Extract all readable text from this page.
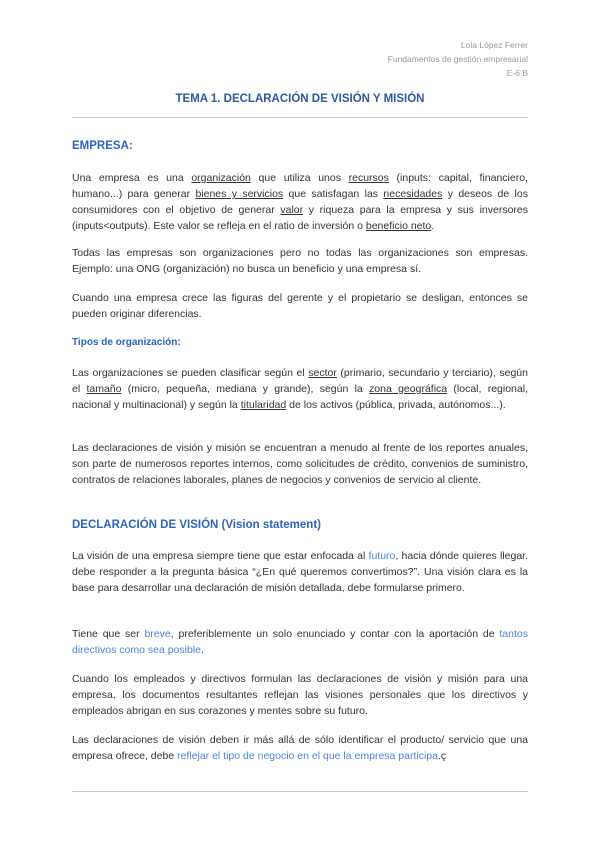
Lola López Ferrer
Fundamentos de gestión empresarial
E-6 B
TEMA 1. DECLARACIÓN DE VISIÓN Y MISIÓN
EMPRESA:

Una empresa es una organización que utiliza unos recursos (inputs: capital, financiero, humano...) para generar bienes y servicios que satisfagan las necesidades y deseos de los consumidores con el objetivo de generar valor y riqueza para la empresa y sus inversores (inputs<outputs). Este valor se refleja en el ratio de inversión o beneficio neto.

Todas las empresas son organizaciones pero no todas las organizaciones son empresas. Ejemplo: una ONG (organización) no busca un beneficio y una empresa sí.

Cuando una empresa crece las figuras del gerente y el propietario se desligan, entonces se pueden originar diferencias.

Tipos de organización:

Las organizaciones se pueden clasificar según el sector (primario, secundario y terciario), según el tamaño (micro, pequeña, mediana y grande), según la zona geográfica (local, regional, nacional y multinacional) y según la titularidad de los activos (pública, privada, autónomos...).

Las declaraciones de visión y misión se encuentran a menudo al frente de los reportes anuales, son parte de numerosos reportes internos, como solicitudes de crédito, convenios de suministro, contratos de relaciones laborales, planes de negocios y convenios de servicio al cliente.

DECLARACIÓN DE VISIÓN (Vision statement)

La visión de una empresa siempre tiene que estar enfocada al futuro, hacia dónde quieres llegar. debe responder a la pregunta básica “¿En qué queremos convertimos?”. Una visión clara es la base para desarrollar una declaración de misión detallada, debe formularse primero.

Tiene que ser breve, preferiblemente un solo enunciado y contar con la aportación de tantos directivos como sea posible.

Cuando los empleados y directivos formulan las declaraciones de visión y misión para una empresa, los documentos resultantes reflejan las visiones personales que los directivos y empleados abrigan en sus corazones y mentes sobre su futuro.

Las declaraciones de visión deben ir más allá de sólo identificar el producto/ servicio que una empresa ofrece, debe reflejar el tipo de negocio en el que la empresa participa.ç
